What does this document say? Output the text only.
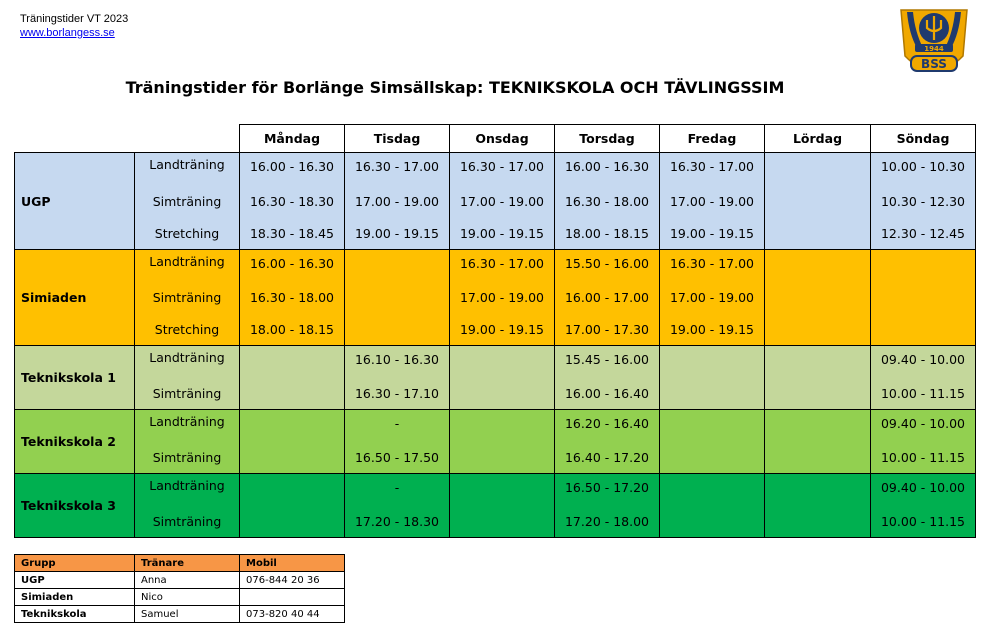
Träningstider VT 2023
www.borlangess.se
1944
BSS
Träningstider för Borlänge Simsällskap: TEKNIKSKOLA OCH TÄVLINGSSIM
		Måndag	Tisdag	Onsdag	Torsdag	Fredag	Lördag	Söndag
UGP	Landträning	16.00 - 16.30	16.30 - 17.00	16.30 - 17.00	16.00 - 16.30	16.30 - 17.00		10.00 - 10.30
	Simträning	16.30 - 18.30	17.00 - 19.00	17.00 - 19.00	16.30 - 18.00	17.00 - 19.00		10.30 - 12.30
	Stretching	18.30 - 18.45	19.00 - 19.15	19.00 - 19.15	18.00 - 18.15	19.00 - 19.15		12.30 - 12.45
Simiaden	Landträning	16.00 - 16.30		16.30 - 17.00	15.50 - 16.00	16.30 - 17.00		
	Simträning	16.30 - 18.00		17.00 - 19.00	16.00 - 17.00	17.00 - 19.00		
	Stretching	18.00 - 18.15		19.00 - 19.15	17.00 - 17.30	19.00 - 19.15		
Teknikskola 1	Landträning		16.10 - 16.30		15.45 - 16.00			09.40 - 10.00
	Simträning		16.30 - 17.10		16.00 - 16.40			10.00 - 11.15
Teknikskola 2	Landträning		-		16.20 - 16.40			09.40 - 10.00
	Simträning		16.50 - 17.50		16.40 - 17.20			10.00 - 11.15
Teknikskola 3	Landträning		-		16.50 - 17.20			09.40 - 10.00
	Simträning		17.20 - 18.30		17.20 - 18.00			10.00 - 11.15
Grupp	Tränare	Mobil
UGP	Anna	076-844 20 36
Simiaden	Nico	
Teknikskola	Samuel	073-820 40 44
